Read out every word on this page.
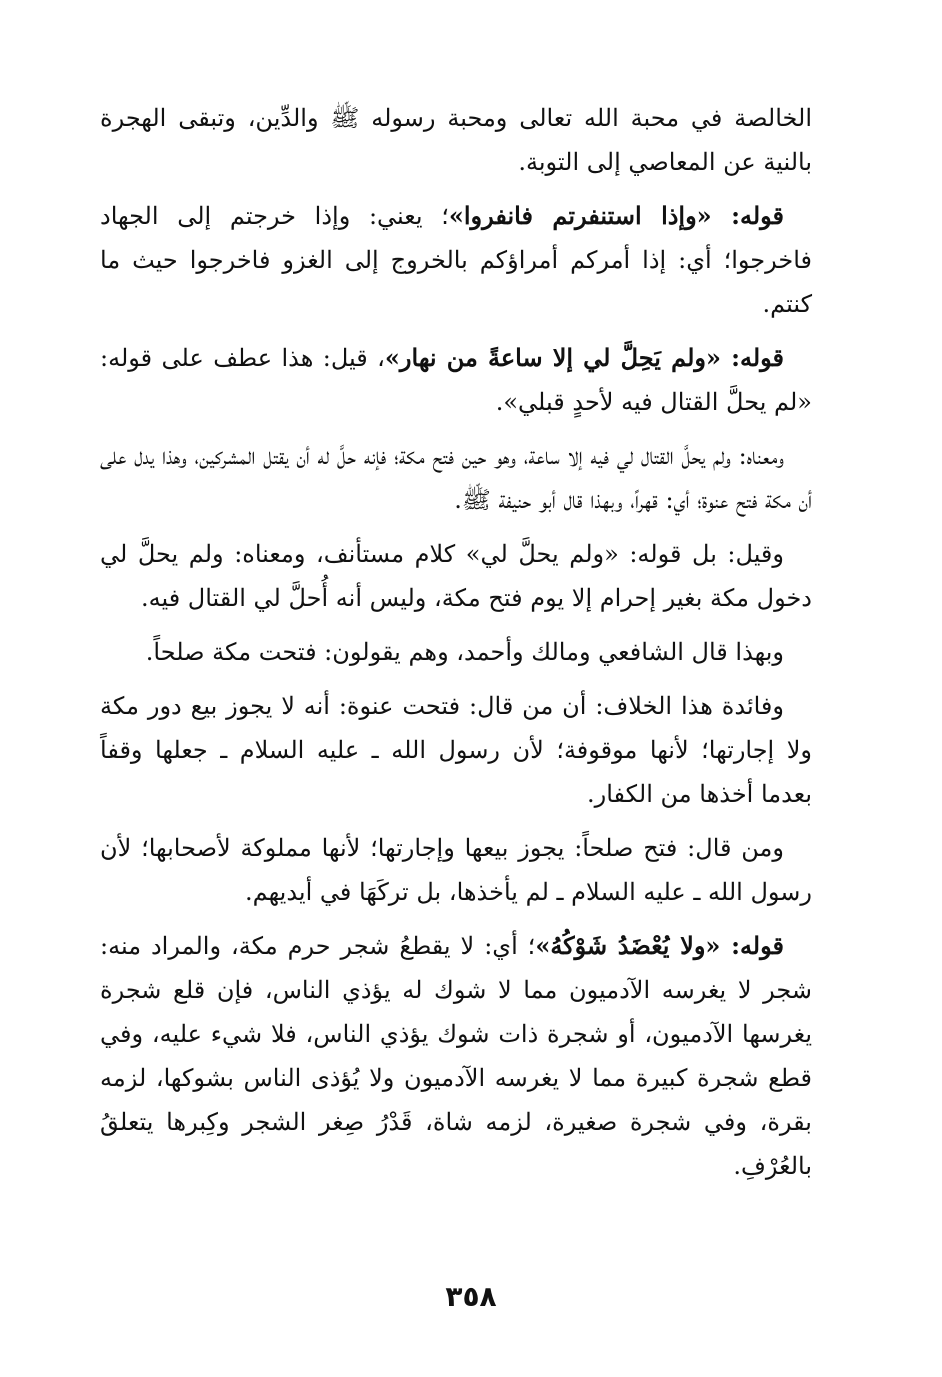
الخالصة في محبة الله تعالى ومحبة رسوله ﷺ والدِّين، وتبقى الهجرة بالنية عن المعاصي إلى التوبة.

قوله: «وإذا استنفرتم فانفروا»؛ يعني: وإذا خرجتم إلى الجهاد فاخرجوا؛ أي: إذا أمركم أمراؤكم بالخروج إلى الغزو فاخرجوا حيث ما كنتم.

قوله: «ولم يَحِلَّ لي إلا ساعةً من نهار»، قيل: هذا عطف على قوله: «لم يحلَّ القتال فيه لأحدٍ قبلي».

ومعناه: ولم يحلَّ القتال لي فيه إلا ساعة، وهو حين فتح مكة؛ فإنه حلَّ له أن يقتل المشركين، وهذا يدل على أن مكة فتح عنوة؛ أي: قهراً، وبهذا قال أبو حنيفة ﷺ.

وقيل: بل قوله: «ولم يحلَّ لي» كلام مستأنف، ومعناه: ولم يحلَّ لي دخول مكة بغير إحرام إلا يوم فتح مكة، وليس أنه أُحلَّ لي القتال فيه.

وبهذا قال الشافعي ومالك وأحمد، وهم يقولون: فتحت مكة صلحاً.

وفائدة هذا الخلاف: أن من قال: فتحت عنوة: أنه لا يجوز بيع دور مكة ولا إجارتها؛ لأنها موقوفة؛ لأن رسول الله ـ عليه السلام ـ جعلها وقفاً بعدما أخذها من الكفار.

ومن قال: فتح صلحاً: يجوز بيعها وإجارتها؛ لأنها مملوكة لأصحابها؛ لأن رسول الله ـ عليه السلام ـ لم يأخذها، بل تركَهَا في أيديهم.

قوله: «ولا يُعْضَدُ شَوْكُهُ»؛ أي: لا يقطعُ شجر حرم مكة، والمراد منه: شجر لا يغرسه الآدميون مما لا شوك له يؤذي الناس، فإن قلع شجرة يغرسها الآدميون، أو شجرة ذات شوك يؤذي الناس، فلا شيء عليه، وفي قطع شجرة كبيرة مما لا يغرسه الآدميون ولا يُؤذى الناس بشوكها، لزمه بقرة، وفي شجرة صغيرة، لزمه شاة، قَدْرُ صِغر الشجر وكِبرها يتعلقُ بالعُرْفِ.

٣٥٨
